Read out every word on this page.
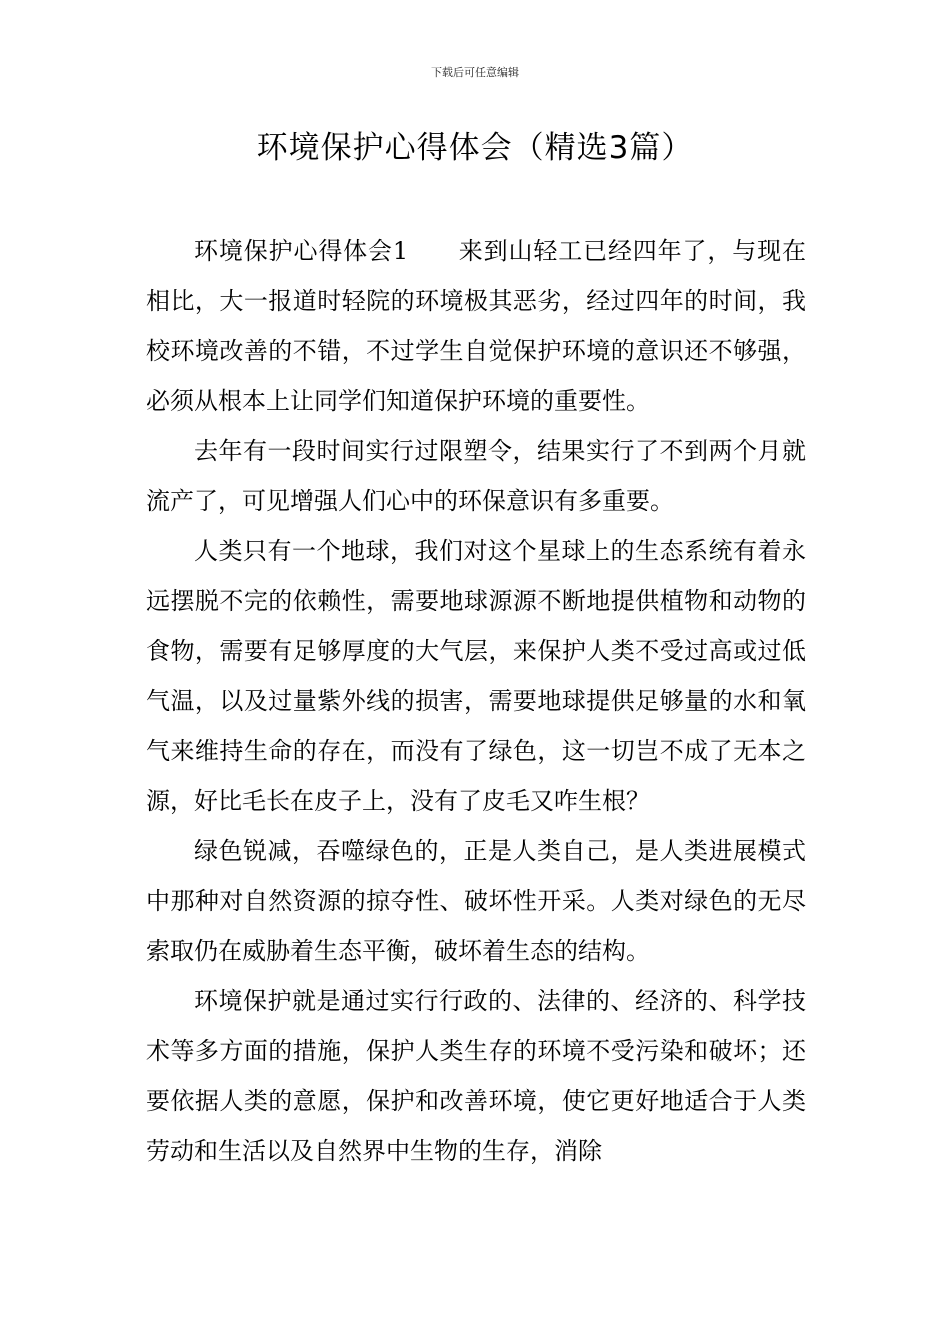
下载后可任意编辑
环境保护心得体会（精选3篇）

环境保护心得体会1　　来到山轻工已经四年了，与现在相比，大一报道时轻院的环境极其恶劣，经过四年的时间，我校环境改善的不错，不过学生自觉保护环境的意识还不够强，必须从根本上让同学们知道保护环境的重要性。

去年有一段时间实行过限塑令，结果实行了不到两个月就流产了，可见增强人们心中的环保意识有多重要。

人类只有一个地球，我们对这个星球上的生态系统有着永远摆脱不完的依赖性，需要地球源源不断地提供植物和动物的食物，需要有足够厚度的大气层，来保护人类不受过高或过低气温，以及过量紫外线的损害，需要地球提供足够量的水和氧气来维持生命的存在，而没有了绿色，这一切岂不成了无本之源，好比毛长在皮子上，没有了皮毛又咋生根？

绿色锐减，吞噬绿色的，正是人类自己，是人类进展模式中那种对自然资源的掠夺性、破坏性开采。人类对绿色的无尽索取仍在威胁着生态平衡，破坏着生态的结构。

环境保护就是通过实行行政的、法律的、经济的、科学技术等多方面的措施，保护人类生存的环境不受污染和破坏；还要依据人类的意愿，保护和改善环境，使它更好地适合于人类劳动和生活以及自然界中生物的生存，消除
